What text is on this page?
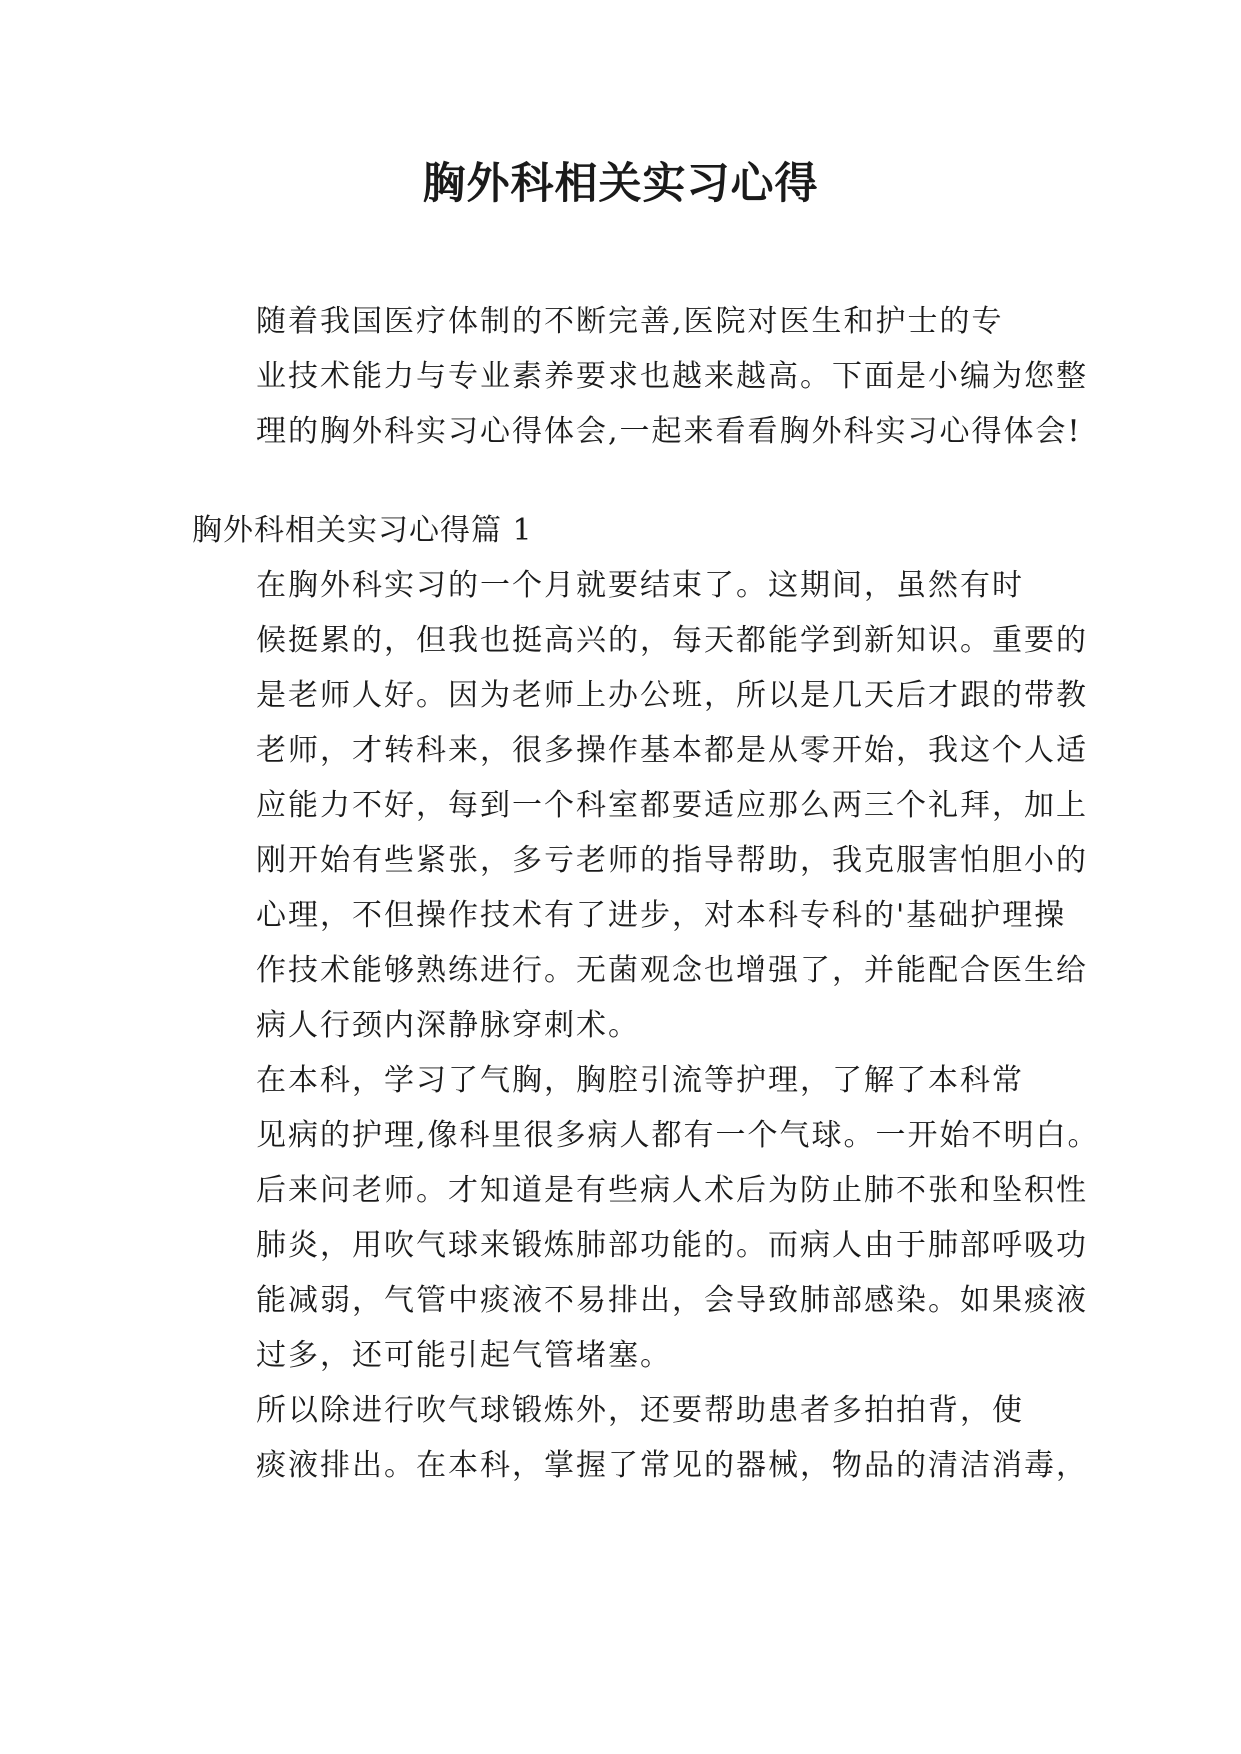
胸外科相关实习心得

随着我国医疗体制的不断完善,医院对医生和护士的专
业技术能力与专业素养要求也越来越高。下面是小编为您整
理的胸外科实习心得体会,一起来看看胸外科实习心得体会!

胸外科相关实习心得篇 1

在胸外科实习的一个月就要结束了。这期间，虽然有时
候挺累的，但我也挺高兴的，每天都能学到新知识。重要的
是老师人好。因为老师上办公班，所以是几天后才跟的带教
老师，才转科来，很多操作基本都是从零开始，我这个人适
应能力不好，每到一个科室都要适应那么两三个礼拜，加上
刚开始有些紧张，多亏老师的指导帮助，我克服害怕胆小的
心理，不但操作技术有了进步，对本科专科的'基础护理操
作技术能够熟练进行。无菌观念也增强了，并能配合医生给
病人行颈内深静脉穿刺术。

在本科，学习了气胸，胸腔引流等护理，了解了本科常
见病的护理,像科里很多病人都有一个气球。一开始不明白。
后来问老师。才知道是有些病人术后为防止肺不张和坠积性
肺炎，用吹气球来锻炼肺部功能的。而病人由于肺部呼吸功
能减弱，气管中痰液不易排出，会导致肺部感染。如果痰液
过多，还可能引起气管堵塞。

所以除进行吹气球锻炼外，还要帮助患者多拍拍背，使
痰液排出。在本科，掌握了常见的器械，物品的清洁消毒，
